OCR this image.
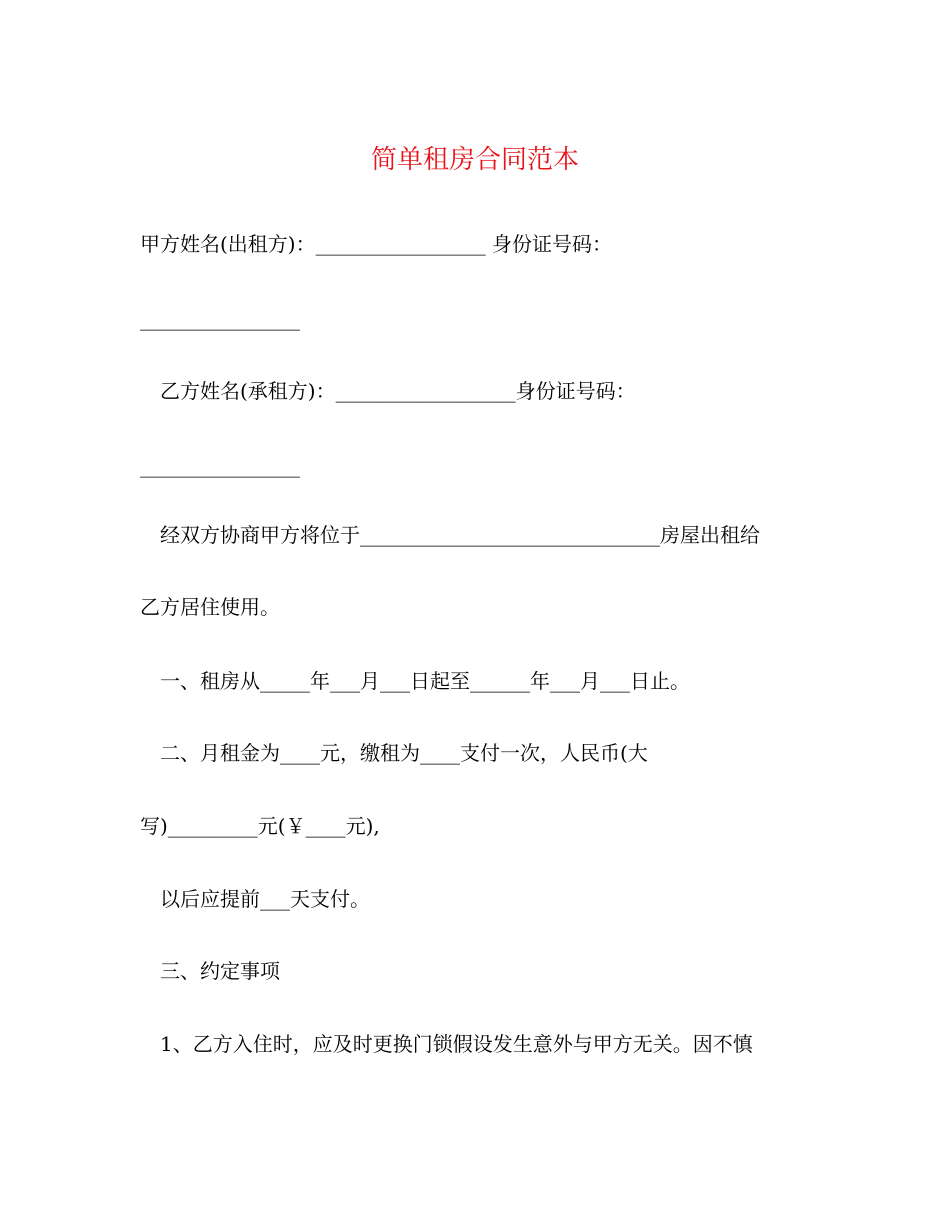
简单租房合同范本
甲方姓名(出租方)：_________________ 身份证号码：
________________
乙方姓名(承租方)：__________________身份证号码：
________________
经双方协商甲方将位于______________________________房屋出租给
乙方居住使用。
一、租房从_____年___月___日起至______年___月___日止。
二、月租金为____元，缴租为____支付一次，人民币(大
写)_________元(￥____元),
以后应提前___天支付。
三、约定事项
1、乙方入住时，应及时更换门锁假设发生意外与甲方无关。因不慎
